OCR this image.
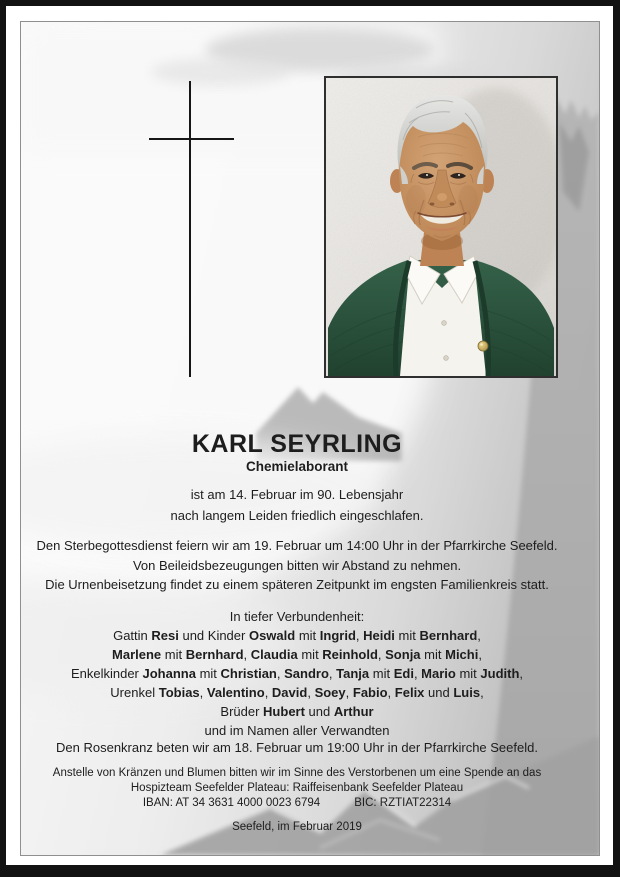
KARL SEYRLING
Chemielaborant
ist am 14. Februar im 90. Lebensjahr
nach langem Leiden friedlich eingeschlafen.
Den Sterbegottesdienst feiern wir am 19. Februar um 14:00 Uhr in der Pfarrkirche Seefeld.
Von Beileidsbezeugungen bitten wir Abstand zu nehmen.
Die Urnenbeisetzung findet zu einem späteren Zeitpunkt im engsten Familienkreis statt.
In tiefer Verbundenheit:
Gattin Resi und Kinder Oswald mit Ingrid, Heidi mit Bernhard,
Marlene mit Bernhard, Claudia mit Reinhold, Sonja mit Michi,
Enkelkinder Johanna mit Christian, Sandro, Tanja mit Edi, Mario mit Judith,
Urenkel Tobias, Valentino, David, Soey, Fabio, Felix und Luis,
Brüder Hubert und Arthur
und im Namen aller Verwandten
Den Rosenkranz beten wir am 18. Februar um 19:00 Uhr in der Pfarrkirche Seefeld.
Anstelle von Kränzen und Blumen bitten wir im Sinne des Verstorbenen um eine Spende an das
Hospizteam Seefelder Plateau: Raiffeisenbank Seefelder Plateau
IBAN: AT 34 3631 4000 0023 6794	BIC: RZTIAT22314
Seefeld, im Februar 2019
